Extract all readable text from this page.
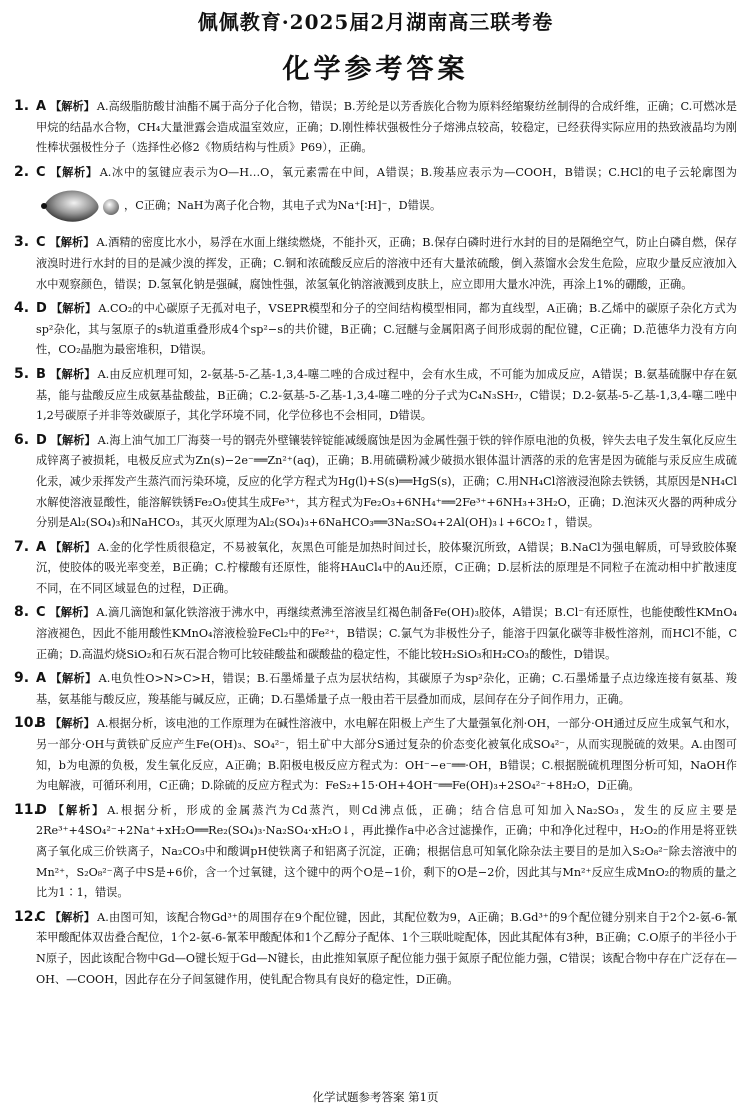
佩佩教育·2025届2月湖南高三联考卷
化学参考答案
1. A 【解析】 A.高级脂肪酸甘油酯不属于高分子化合物，错误；B.芳纶是以芳香族化合物为原料经缩聚纺丝制得的合成纤维，正确；C.可燃冰是甲烷的结晶水合物，CH₄大量泄露会造成温室效应，正确；D.刚性棒状强极性分子熔沸点较高，较稳定，已经获得实际应用的热致液晶均为刚性棒状强极性分子（选择性必修2《物质结构与性质》P69），正确。
2. C 【解析】 A.冰中的氢键应表示为O—H…O，氧元素需在中间，A错误；B.羧基应表示为—COOH，B错误；C.HCl的电子云轮廓图为，C正确；NaH为离子化合物，其电子式为Na⁺[∶H]⁻，D错误。
3. C 【解析】 A.酒精的密度比水小，易浮在水面上继续燃烧，不能扑灭，正确；B.保存白磷时进行水封的目的是隔绝空气，防止白磷自燃，保存液溴时进行水封的目的是减少溴的挥发，正确；C.铜和浓硫酸反应后的溶液中还有大量浓硫酸，倒入蒸馏水会发生危险，应取少量反应液加入水中观察颜色，错误；D.氢氧化钠是强碱，腐蚀性强，浓氢氧化钠溶液溅到皮肤上，应立即用大量水冲洗，再涂上1%的硼酸，正确。
4. D 【解析】 A.CO₂的中心碳原子无孤对电子，VSEPR模型和分子的空间结构模型相同，都为直线型，A正确；B.乙烯中的碳原子杂化方式为sp²杂化，其与氢原子的s轨道重叠形成4个sp²−s的共价键，B正确；C.冠醚与金属阳离子间形成弱的配位键，C正确；D.范德华力没有方向性，CO₂晶胞为最密堆积，D错误。
5. B 【解析】 A.由反应机理可知，2-氨基-5-乙基-1,3,4-噻二唑的合成过程中，会有水生成，不可能为加成反应，A错误；B.氨基硫脲中存在氨基，能与盐酸反应生成氨基盐酸盐，B正确；C.2-氨基-5-乙基-1,3,4-噻二唑的分子式为C₄N₃SH₇，C错误；D.2-氨基-5-乙基-1,3,4-噻二唑中1,2号碳原子并非等效碳原子，其化学环境不同，化学位移也不会相同，D错误。
6. D 【解析】 A.海上油气加工厂海葵一号的钢壳外壁镶装锌锭能减缓腐蚀是因为金属性强于铁的锌作原电池的负极，锌失去电子发生氧化反应生成锌离子被损耗，电极反应式为Zn(s)−2e⁻══Zn²⁺(aq)，正确；B.用硫磺粉减少破损水银体温计洒落的汞的危害是因为硫能与汞反应生成硫化汞，减少汞挥发产生蒸汽而污染环境，反应的化学方程式为Hg(l)+S(s)══HgS(s)，正确；C.用NH₄Cl溶液浸泡除去铁锈，其原因是NH₄Cl水解使溶液显酸性，能溶解铁锈Fe₂O₃使其生成Fe³⁺，其方程式为Fe₂O₃+6NH₄⁺══2Fe³⁺+6NH₃+3H₂O，正确；D.泡沫灭火器的两种成分分别是Al₂(SO₄)₃和NaHCO₃，其灭火原理为Al₂(SO₄)₃+6NaHCO₃══3Na₂SO₄+2Al(OH)₃↓+6CO₂↑，错误。
7. A 【解析】 A.金的化学性质很稳定，不易被氧化，灰黑色可能是加热时间过长，胶体聚沉所致，A错误；B.NaCl为强电解质，可导致胶体聚沉，使胶体的吸光率变差，B正确；C.柠檬酸有还原性，能将HAuCl₄中的Au还原，C正确；D.层析法的原理是不同粒子在流动相中扩散速度不同，在不同区域显色的过程，D正确。
8. C 【解析】 A.滴几滴饱和氯化铁溶液于沸水中，再继续煮沸至溶液呈红褐色制备Fe(OH)₃胶体，A错误；B.Cl⁻有还原性，也能使酸性KMnO₄溶液褪色，因此不能用酸性KMnO₄溶液检验FeCl₂中的Fe²⁺，B错误；C.氯气为非极性分子，能溶于四氯化碳等非极性溶剂，而HCl不能，C正确；D.高温灼烧SiO₂和石灰石混合物可比较硅酸盐和碳酸盐的稳定性，不能比较H₂SiO₃和H₂CO₃的酸性，D错误。
9. A 【解析】 A.电负性O>N>C>H，错误；B.石墨烯量子点为层状结构，其碳原子为sp²杂化，正确；C.石墨烯量子点边缘连接有氨基、羧基，氨基能与酸反应，羧基能与碱反应，正确；D.石墨烯量子点一般由若干层叠加而成，层间存在分子间作用力，正确。
10.
B 【解析】 A.根据分析，该电池的工作原理为在碱性溶液中，水电解在阳极上产生了大量强氧化剂·OH，一部分·OH通过反应生成氧气和水，另一部分·OH与黄铁矿反应产生Fe(OH)₃、SO₄²⁻，铝土矿中大部分S通过复杂的价态变化被氧化成SO₄²⁻，从而实现脱硫的效果。A.由图可知，b为电源的负极，发生氧化反应，A正确；B.阳极电极反应方程式为：OH⁻−e⁻══·OH，B错误；C.根据脱硫机理图分析可知，NaOH作为电解液，可循环利用，C正确；D.除硫的反应方程式为：FeS₂+15·OH+4OH⁻══Fe(OH)₃+2SO₄²⁻+8H₂O，D正确。
11.
D 【解析】 A.根据分析，形成的金属蒸汽为Cd蒸汽，则Cd沸点低，正确；结合信息可知加入Na₂SO₃，发生的反应主要是2Re³⁺+4SO₄²⁻+2Na⁺+xH₂O══Re₂(SO₄)₃·Na₂SO₄·xH₂O↓，再此操作a中必含过滤操作，正确；中和净化过程中，H₂O₂的作用是将亚铁离子氧化成三价铁离子，Na₂CO₃中和酸调pH使铁离子和铝离子沉淀，正确；根据信息可知氧化除杂法主要目的是加入S₂O₈²⁻除去溶液中的Mn²⁺，S₂O₈²⁻离子中S是+6价，含一个过氧键，这个键中的两个O是−1价，剩下的O是−2价，因此其与Mn²⁺反应生成MnO₂的物质的量之比为1∶1，错误。
12.
C 【解析】 A.由图可知，该配合物Gd³⁺的周围存在9个配位键，因此，其配位数为9，A正确；B.Gd³⁺的9个配位键分别来自于2个2-氨-6-氰苯甲酸配体双齿叠合配位，1个2-氨-6-氰苯甲酸配体和1个乙醇分子配体、1个三联吡啶配体，因此其配体有3种，B正确；C.O原子的半径小于N原子，因此该配合物中Gd—O键长短于Gd—N键长，由此推知氧原子配位能力强于氮原子配位能力强，C错误；该配合物中存在广泛存在—OH、—COOH，因此存在分子间氢键作用，使钆配合物具有良好的稳定性，D正确。
化学试题参考答案 第1页
